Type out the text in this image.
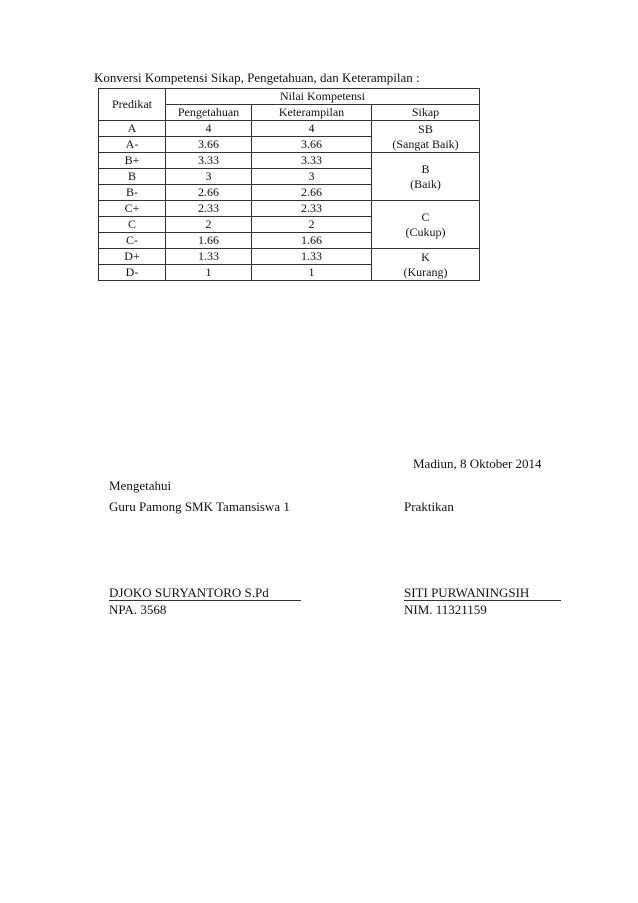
Konversi Kompetensi Sikap, Pengetahuan, dan Keterampilan :
Predikat	Nilai Kompetensi		
	Pengetahuan	Keterampilan	Sikap
A	4	4	SB
(Sangat Baik)

A-	3.66	3.66	
B+	3.33	3.33	B
(Baik)

B	3	3	
B-	2.66	2.66	
C+	2.33	2.33	C
(Cukup)

C	2	2	
C-	1.66	1.66	
D+	1.33	1.33	K
(Kurang)

D-	1	1	
Madiun, 8 Oktober 2014
Mengetahui
Guru Pamong SMK Tamansiswa 1	Praktikan
DJOKO SURYANTORO S.Pd	SITI PURWANINGSIH
NPA. 3568	NIM. 11321159
